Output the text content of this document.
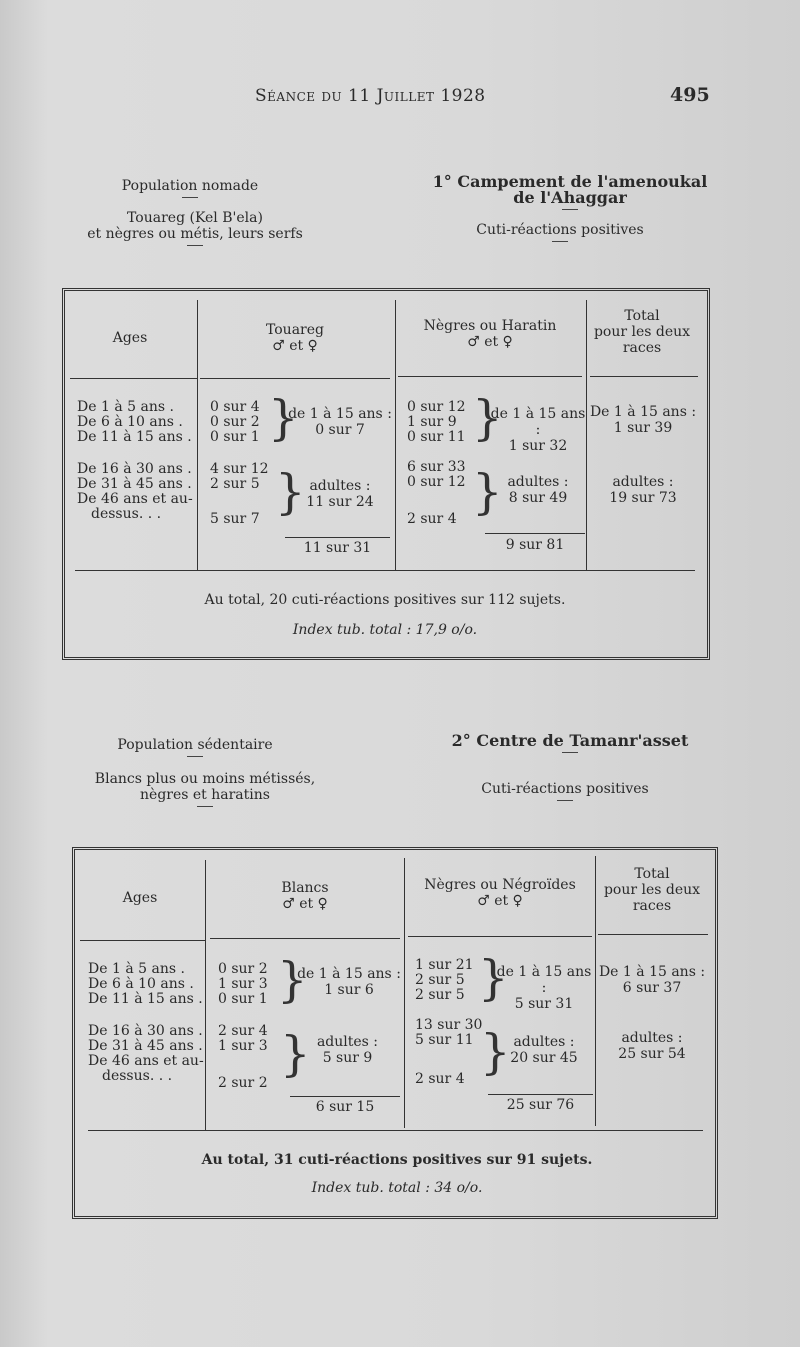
Séance du 11 Juillet 1928	495
Population nomade
Touareg (Kel B'ela)
et nègres ou métis, leurs serfs
1° Campement de l'amenoukal
de l'Ahaggar
Cuti-réactions positives
Ages	Touareg
♂ et ♀
Nègres ou Haratin
♂ et ♀
Total
pour les deux
races
De 1 à 5 ans .
De 6 à 10 ans .
De 11 à 15 ans .
De 16 à 30 ans .
De 31 à 45 ans .
De 46 ans et au-
dessus. . .
0 sur 4
0 sur 2
0 sur 1 }
de 1 à 15 ans :
0 sur 7
4 sur 12
2 sur 5
5 sur 7 } adultes :
11 sur 24
11 sur 31
0 sur 12
1 sur 9
0 sur 11 }
de 1 à 15 ans :
1 sur 32
6 sur 33
0 sur 12
2 sur 4 } adultes :
8 sur 49
9 sur 81
De 1 à 15 ans :
1 sur 39
adultes :
19 sur 73
Au total, 20 cuti-réactions positives sur 112 sujets.
Index tub. total : 17,9 o/o.
Population sédentaire
Blancs plus ou moins métissés,
nègres et haratins
2° Centre de Tamanr'asset
Cuti-réactions positives
Ages
Blancs
♂ et ♀
Nègres ou Négroïdes
♂ et ♀
Total
pour les deux
races
De 1 à 5 ans .
De 6 à 10 ans .
De 11 à 15 ans .
De 16 à 30 ans .
De 31 à 45 ans .
De 46 ans et au-
dessus. . .
0 sur 2
1 sur 3
0 sur 1 }
de 1 à 15 ans :
1 sur 6
2 sur 4
1 sur 3
2 sur 2
} adultes :
5 sur 9
6 sur 15
1 sur 21
2 sur 5
2 sur 5 }
de 1 à 15 ans :
5 sur 31
13 sur 30
5 sur 11
2 sur 4 } adultes :
20 sur 45
25 sur 76
De 1 à 15 ans :
6 sur 37
adultes :
25 sur 54
Au total, 31 cuti-réactions positives sur 91 sujets.
Index tub. total : 34 o/o.
